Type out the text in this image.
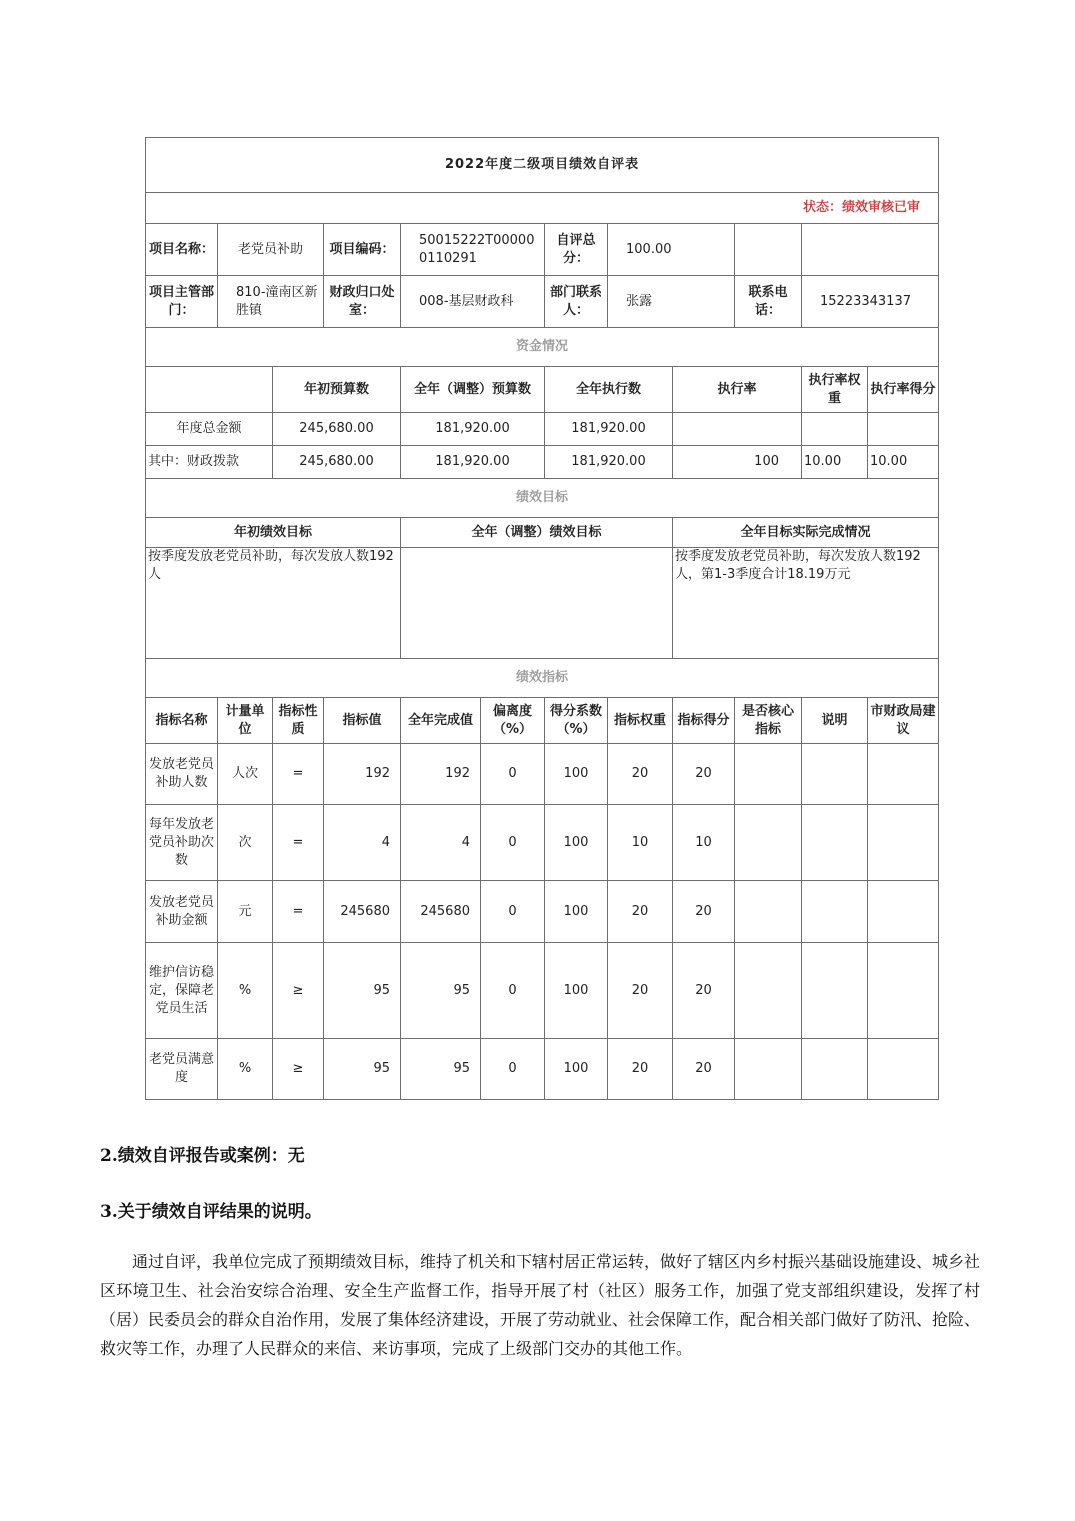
2022年度二级项目绩效自评表											
状态：绩效审核已审											
项目名称：	老党员补助		项目编码：	50015222T000000110291		自评总分：	100.00				
项目主管部门：	810-潼南区新胜镇		财政归口处室：	008-基层财政科		部门联系人：	张露		联系电话：	15223343137	
资金情况											
		年初预算数		全年（调整）预算数		全年执行数		执行率		执行率权重	执行率得分
年度总金额		245,680.00		181,920.00		181,920.00					
其中：财政拨款		245,680.00		181,920.00		181,920.00		100		10.00	10.00
绩效目标											
年初绩效目标				全年（调整）绩效目标				全年目标实际完成情况			
按季度发放老党员补助，每次发放人数192人								按季度发放老党员补助，每次发放人数192人，第1-3季度合计18.19万元			
绩效指标											
指标名称	计量单位	指标性质	指标值	全年完成值	偏离度（%）	得分系数（%）	指标权重	指标得分	是否核心指标	说明	市财政局建议
发放老党员补助人数	人次	=	192	192	0	100	20	20			
每年发放老党员补助次数	次	=	4	4	0	100	10	10			
发放老党员补助金额	元	=	245680	245680	0	100	20	20			
维护信访稳定，保障老党员生活	%	≥	95	95	0	100	20	20			
老党员满意度	%	≥	95	95	0	100	20	20			
2.绩效自评报告或案例：无
3.关于绩效自评结果的说明。
通过自评，我单位完成了预期绩效目标，维持了机关和下辖村居正常运转，做好了辖区内乡村振兴基础设施建设、城乡社区环境卫生、社会治安综合治理、安全生产监督工作，指导开展了村（社区）服务工作，加强了党支部组织建设，发挥了村（居）民委员会的群众自治作用，发展了集体经济建设，开展了劳动就业、社会保障工作，配合相关部门做好了防汛、抢险、救灾等工作，办理了人民群众的来信、来访事项，完成了上级部门交办的其他工作。
